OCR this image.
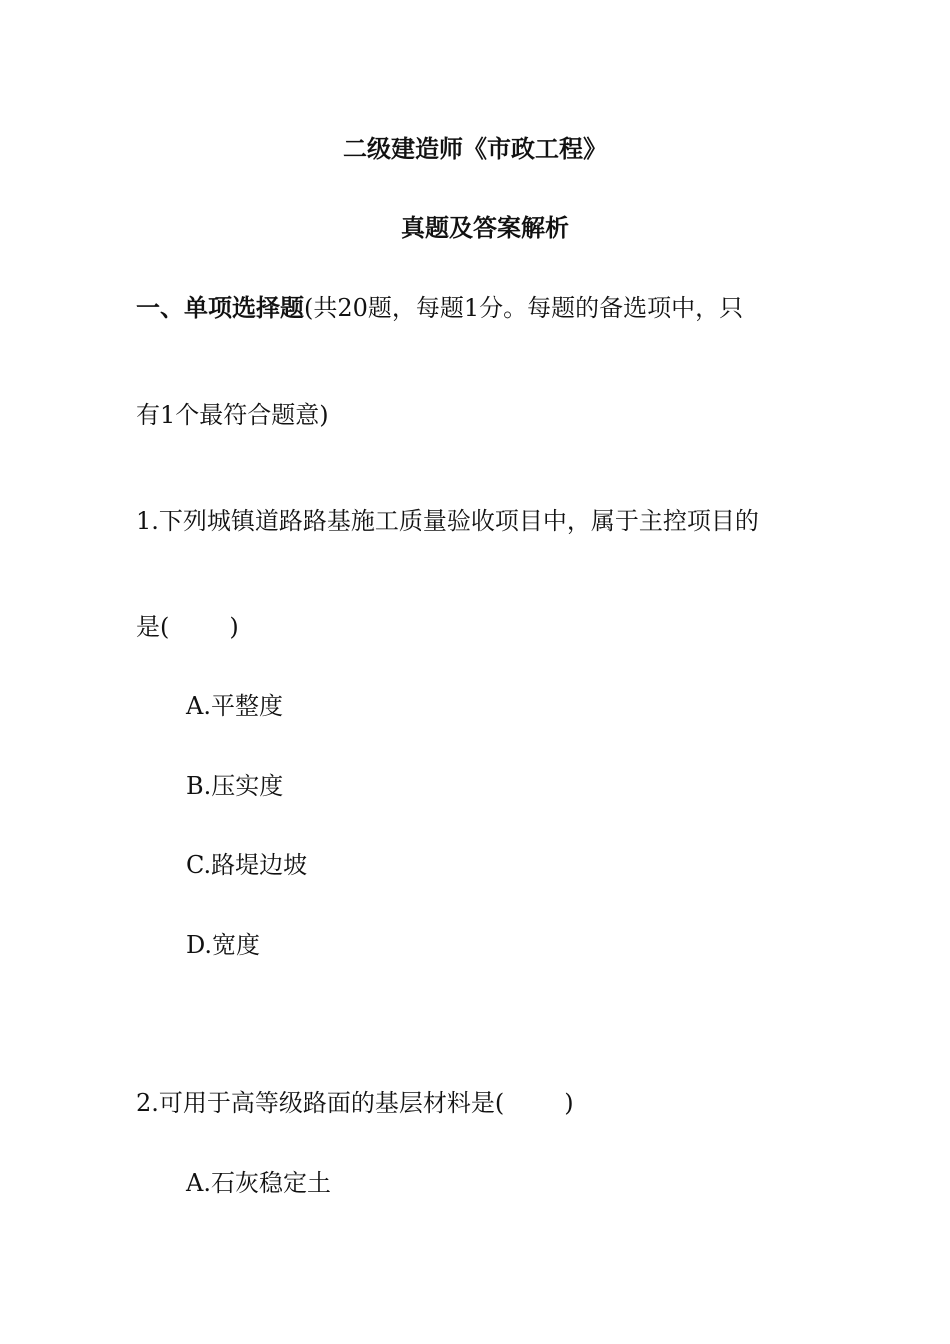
二级建造师《市政工程》
真题及答案解析
一、单项选择题(共20题，每题1分。每题的备选项中，只
有1个最符合题意)
1.下列城镇道路路基施工质量验收项目中，属于主控项目的
是(	)
A.平整度
B.压实度
C.路堤边坡
D.宽度
2.可用于高等级路面的基层材料是(	)
A.石灰稳定土
